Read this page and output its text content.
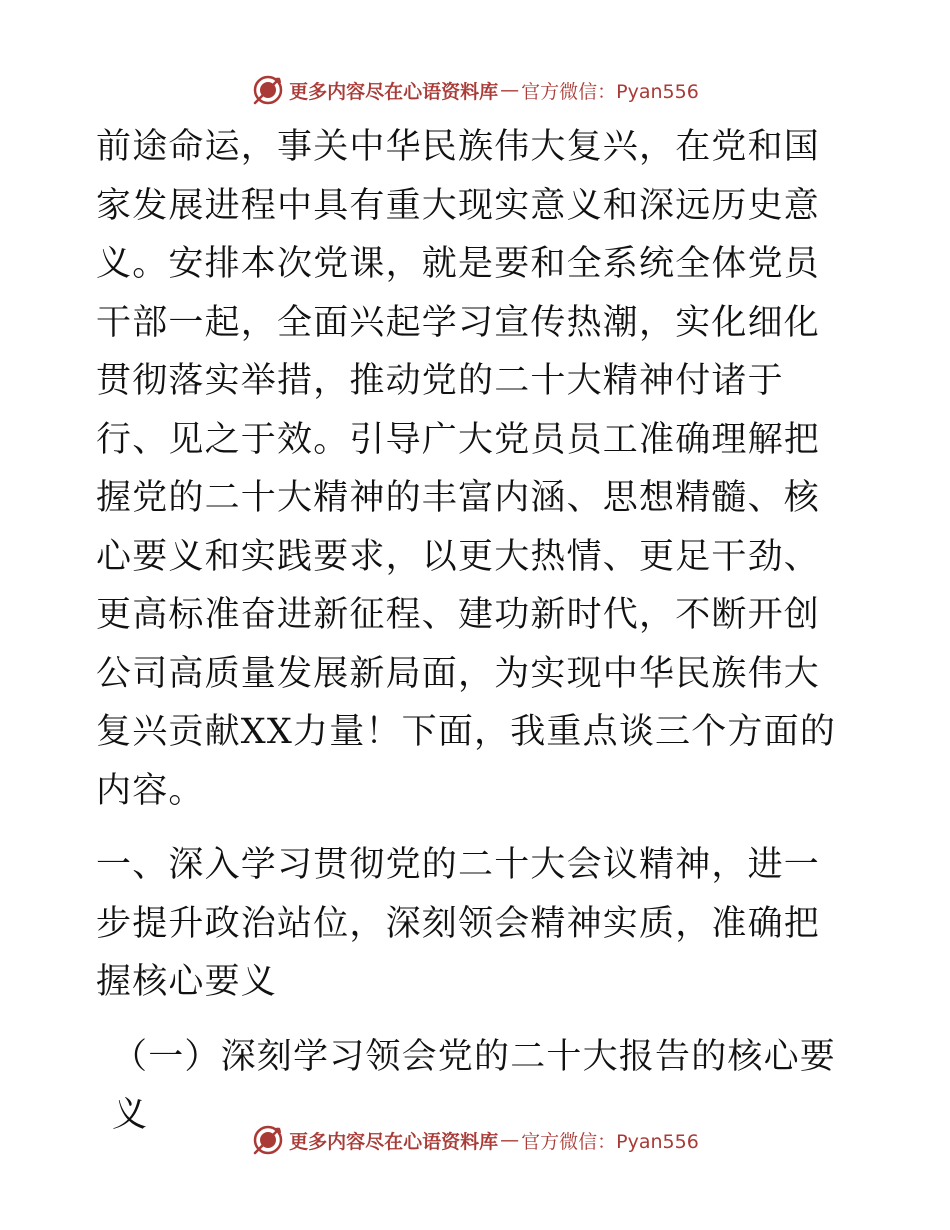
更多内容尽在心语资料库 — 官方微信：Pyan556

前途命运，事关中华民族伟大复兴，在党和国家发展进程中具有重大现实意义和深远历史意义。安排本次党课，就是要和全系统全体党员干部一起，全面兴起学习宣传热潮，实化细化贯彻落实举措，推动党的二十大精神付诸于行、见之于效。引导广大党员员工准确理解把握党的二十大精神的丰富内涵、思想精髓、核心要义和实践要求，以更大热情、更足干劲、更高标准奋进新征程、建功新时代，不断开创公司高质量发展新局面，为实现中华民族伟大复兴贡献XX力量！下面，我重点谈三个方面的内容。

一、深入学习贯彻党的二十大会议精神，进一步提升政治站位，深刻领会精神实质，准确把握核心要义

（一）深刻学习领会党的二十大报告的核心要义

更多内容尽在心语资料库 — 官方微信：Pyan556
